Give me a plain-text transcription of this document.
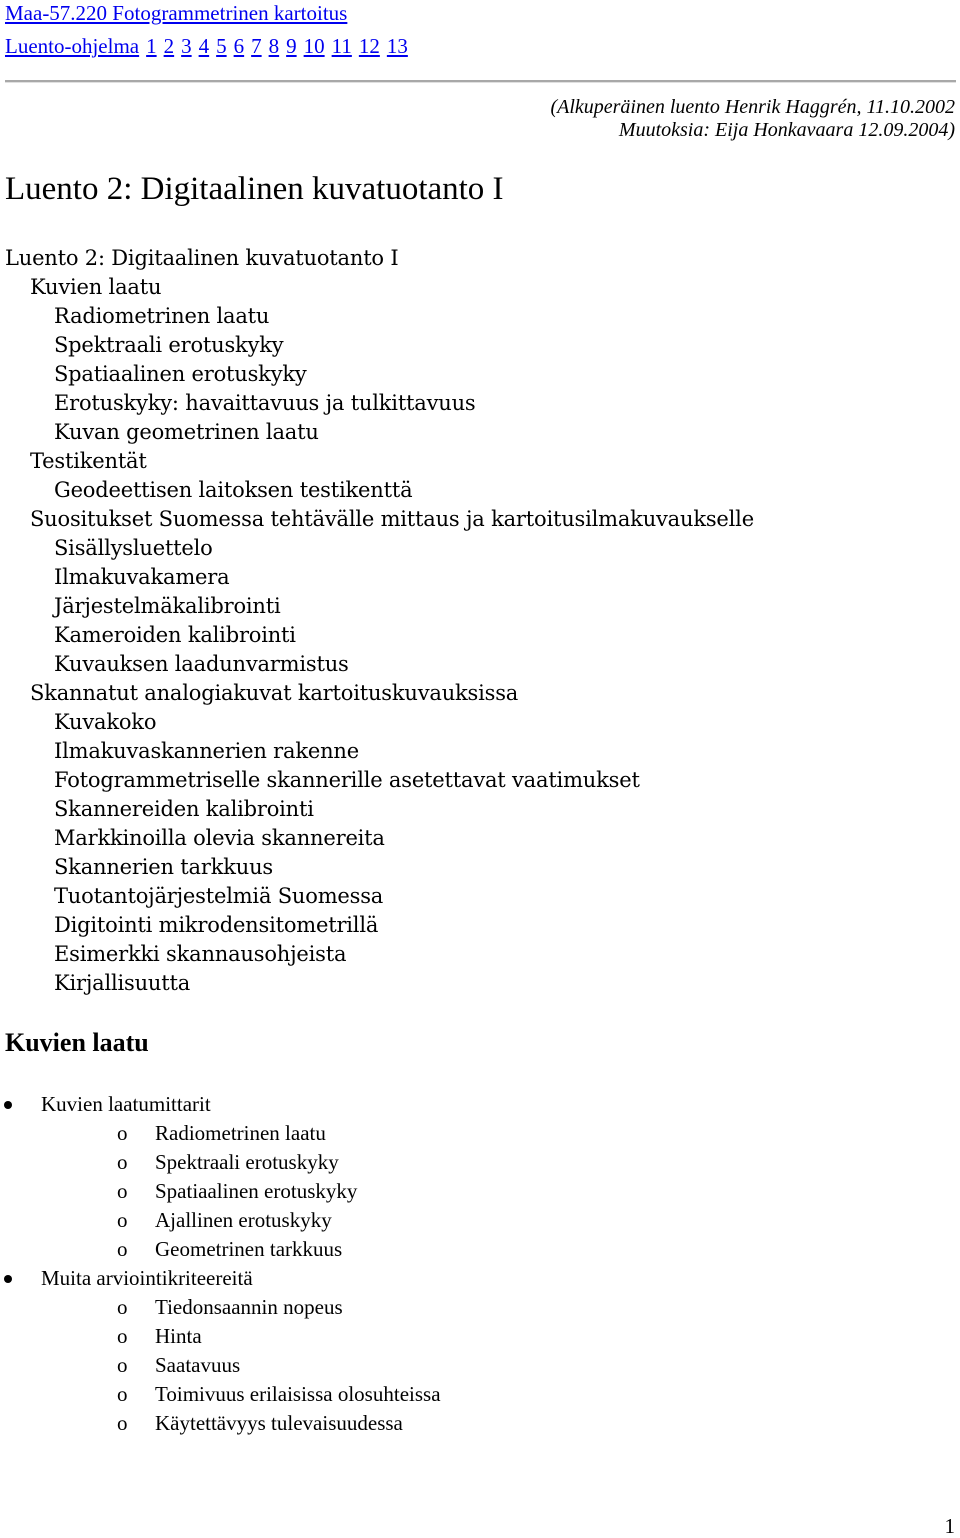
Maa-57.220 Fotogrammetrinen kartoitus
Luento-ohjelma 1 2 3 4 5 6 7 8 9 10 11 12 13
(Alkuperäinen luento Henrik Haggrén, 11.10.2002
Muutoksia: Eija Honkavaara 12.09.2004)
Luento 2: Digitaalinen kuvatuotanto I
Luento 2: Digitaalinen kuvatuotanto I
Kuvien laatu
Radiometrinen laatu
Spektraali erotuskyky
Spatiaalinen erotuskyky
Erotuskyky: havaittavuus ja tulkittavuus
Kuvan geometrinen laatu
Testikentät
Geodeettisen laitoksen testikenttä
Suositukset Suomessa tehtävälle mittaus ja kartoitusilmakuvaukselle
Sisällysluettelo
Ilmakuvakamera
Järjestelmäkalibrointi
Kameroiden kalibrointi
Kuvauksen laadunvarmistus
Skannatut analogiakuvat kartoituskuvauksissa
Kuvakoko
Ilmakuvaskannerien rakenne
Fotogrammetriselle skannerille asetettavat vaatimukset
Skannereiden kalibrointi
Markkinoilla olevia skannereita
Skannerien tarkkuus
Tuotantojärjestelmiä Suomessa
Digitointi mikrodensitometrillä
Esimerkki skannausohjeista
Kirjallisuutta
Kuvien laatu
Kuvien laatumittarit
o Radiometrinen laatu
o Spektraali erotuskyky
o Spatiaalinen erotuskyky
o Ajallinen erotuskyky
o Geometrinen tarkkuus
Muita arviointikriteereitä
o Tiedonsaannin nopeus
o Hinta
o Saatavuus
o Toimivuus erilaisissa olosuhteissa
o Käytettävyys tulevaisuudessa
1
